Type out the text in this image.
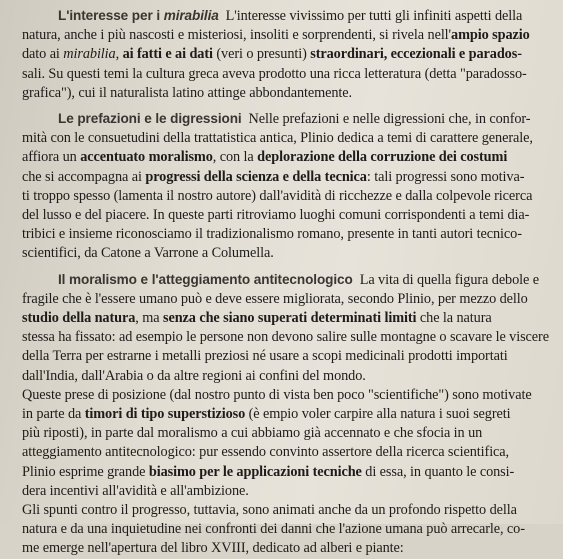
L'interesse per i mirabilia L'interesse vivissimo per tutti gli infiniti aspetti della
natura, anche i più nascosti e misteriosi, insoliti e sorprendenti, si rivela nell'ampio spazio
dato ai mirabilia, ai fatti e ai dati (veri o presunti) straordinari, eccezionali e parados-
sali. Su questi temi la cultura greca aveva prodotto una ricca letteratura (detta "paradosso-
grafica"), cui il naturalista latino attinge abbondantemente.
Le prefazioni e le digressioni Nelle prefazioni e nelle digressioni che, in confor-
mità con le consuetudini della trattatistica antica, Plinio dedica a temi di carattere generale,
affiora un accentuato moralismo, con la deplorazione della corruzione dei costumi
che si accompagna ai progressi della scienza e della tecnica: tali progressi sono motiva-
ti troppo spesso (lamenta il nostro autore) dall'avidità di ricchezze e dalla colpevole ricerca
del lusso e del piacere. In queste parti ritroviamo luoghi comuni corrispondenti a temi dia-
tribici e insieme riconosciamo il tradizionalismo romano, presente in tanti autori tecnico-
scientifici, da Catone a Varrone a Columella.
Il moralismo e l'atteggiamento antitecnologico La vita di quella figura debole e
fragile che è l'essere umano può e deve essere migliorata, secondo Plinio, per mezzo dello
studio della natura, ma senza che siano superati determinati limiti che la natura
stessa ha fissato: ad esempio le persone non devono salire sulle montagne o scavare le viscere
della Terra per estrarne i metalli preziosi né usare a scopi medicinali prodotti importati
dall'India, dall'Arabia o da altre regioni ai confini del mondo.
Queste prese di posizione (dal nostro punto di vista ben poco "scientifiche") sono motivate
in parte da timori di tipo superstizioso (è empio voler carpire alla natura i suoi segreti
più riposti), in parte dal moralismo a cui abbiamo già accennato e che sfocia in un
atteggiamento antitecnologico: pur essendo convinto assertore della ricerca scientifica,
Plinio esprime grande biasimo per le applicazioni tecniche di essa, in quanto le consi-
dera incentivi all'avidità e all'ambizione.
Gli spunti contro il progresso, tuttavia, sono animati anche da un profondo rispetto della
natura e da una inquietudine nei confronti dei danni che l'azione umana può arrecarle, co-
me emerge nell'apertura del libro XVIII, dedicato ad alberi e piante:
